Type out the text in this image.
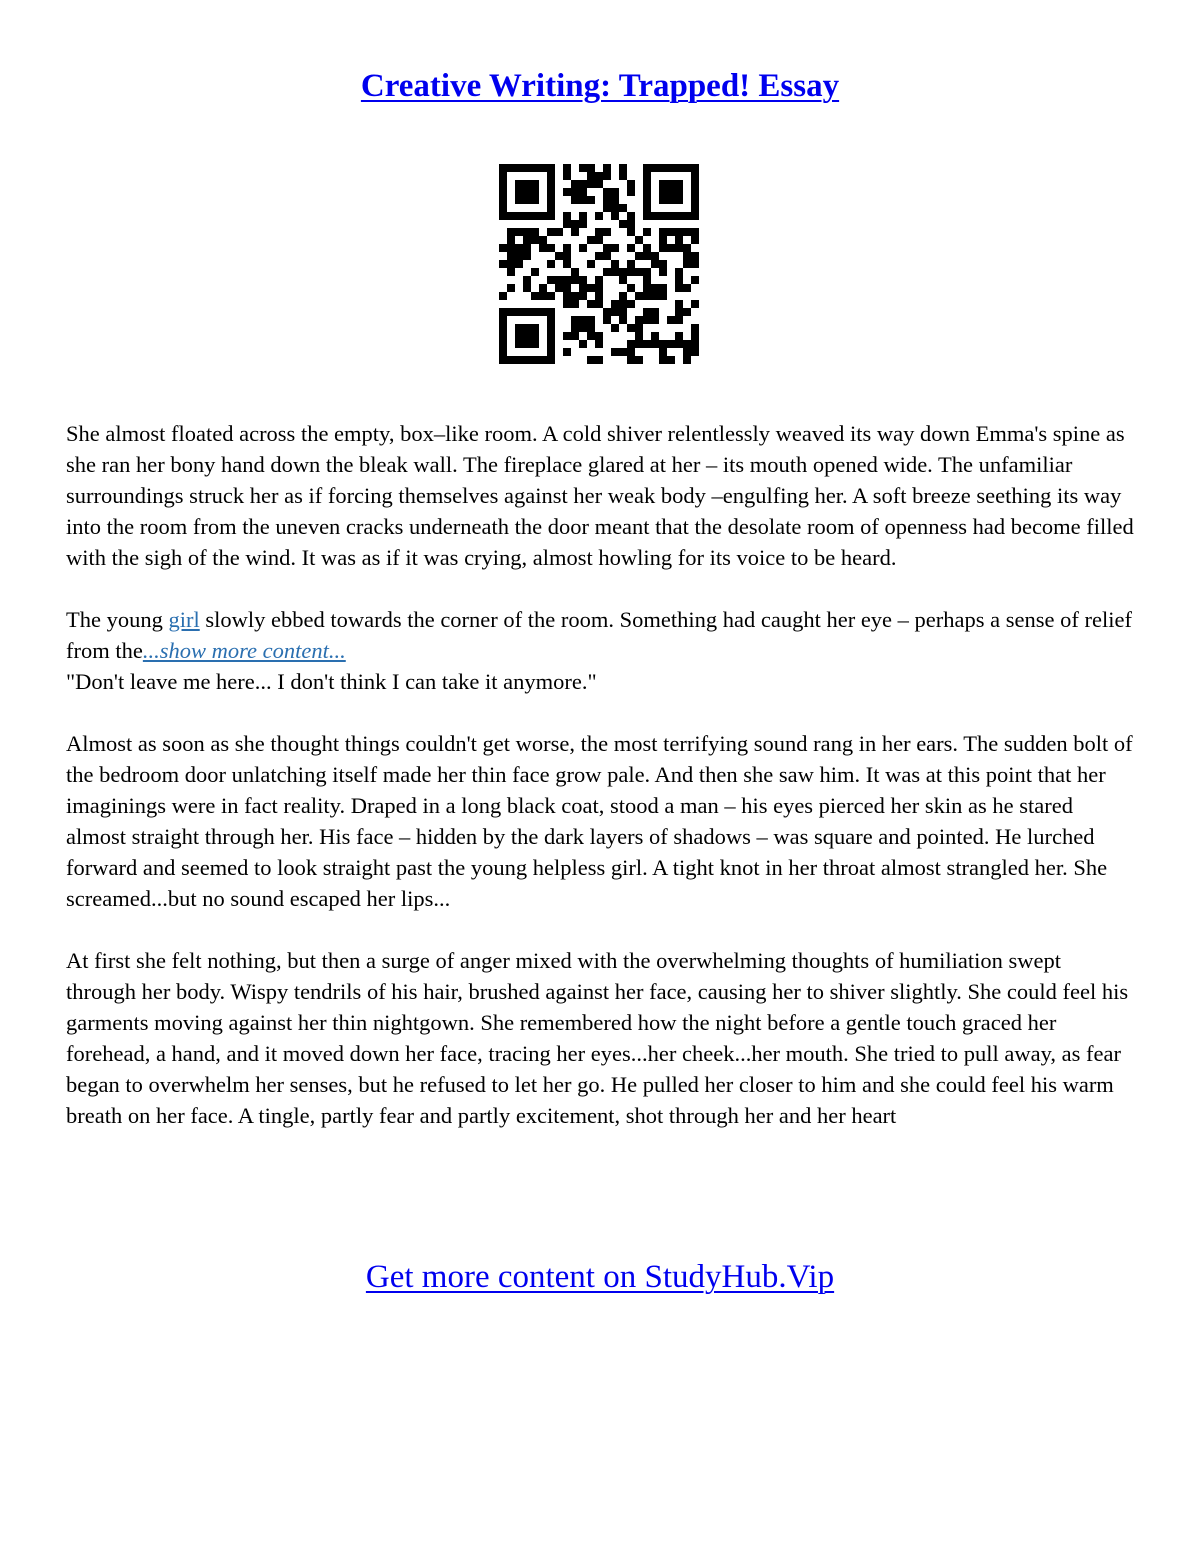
Creative Writing: Trapped! Essay

She almost floated across the empty, box–like room. A cold shiver relentlessly weaved its way down Emma's spine as she ran her bony hand down the bleak wall. The fireplace glared at her – its mouth opened wide. The unfamiliar surroundings struck her as if forcing themselves against her weak body –engulfing her. A soft breeze seething its way into the room from the uneven cracks underneath the door meant that the desolate room of openness had become filled with the sigh of the wind. It was as if it was crying, almost howling for its voice to be heard.

The young girl slowly ebbed towards the corner of the room. Something had caught her eye – perhaps a sense of relief from the...show more content...

"Don't leave me here... I don't think I can take it anymore."

Almost as soon as she thought things couldn't get worse, the most terrifying sound rang in her ears. The sudden bolt of the bedroom door unlatching itself made her thin face grow pale. And then she saw him. It was at this point that her imaginings were in fact reality. Draped in a long black coat, stood a man – his eyes pierced her skin as he stared almost straight through her. His face – hidden by the dark layers of shadows – was square and pointed. He lurched forward and seemed to look straight past the young helpless girl. A tight knot in her throat almost strangled her. She screamed...but no sound escaped her lips...

At first she felt nothing, but then a surge of anger mixed with the overwhelming thoughts of humiliation swept through her body. Wispy tendrils of his hair, brushed against her face, causing her to shiver slightly. She could feel his garments moving against her thin nightgown. She remembered how the night before a gentle touch graced her forehead, a hand, and it moved down her face, tracing her eyes...her cheek...her mouth. She tried to pull away, as fear began to overwhelm her senses, but he refused to let her go. He pulled her closer to him and she could feel his warm breath on her face. A tingle, partly fear and partly excitement, shot through her and her heart

Get more content on StudyHub.Vip
